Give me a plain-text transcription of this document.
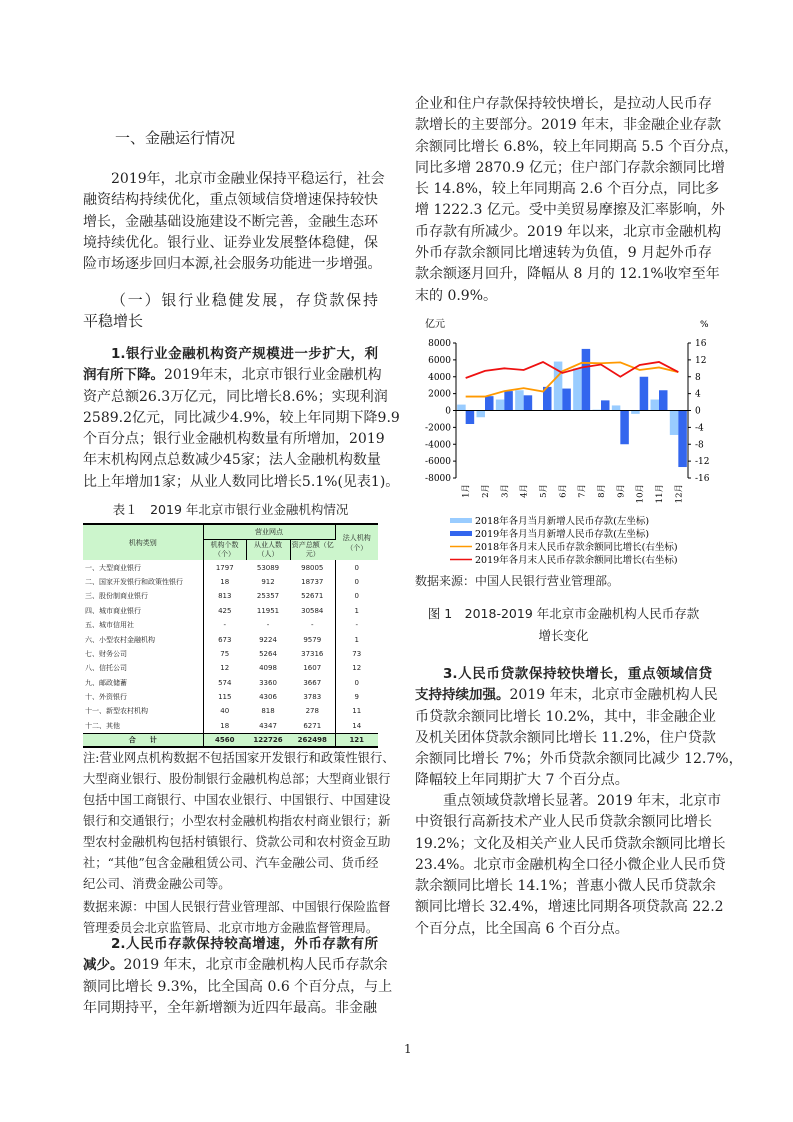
一、金融运行情况
2019年，北京市金融业保持平稳运行，社会
融资结构持续优化，重点领域信贷增速保持较快
增长，金融基础设施建设不断完善，金融生态环
境持续优化。银行业、证券业发展整体稳健，保
险市场逐步回归本源,社会服务功能进一步增强。
（一）银行业稳健发展，存贷款保持
平稳增长
1.银行业金融机构资产规模进一步扩大，利
润有所下降。2019年末，北京市银行业金融机构
资产总额26.3万亿元，同比增长8.6%；实现利润
2589.2亿元，同比减少4.9%，较上年同期下降9.9
个百分点；银行业金融机构数量有所增加，2019
年末机构网点总数减少45家；法人金融机构数量
比上年增加1家；从业人数同比增长5.1%(见表1)。
表１　2019 年北京市银行业金融机构情况
机构类别	营业网点			法人机构（个）
	机构个数（个）	从业人数（人）	资产总额（亿元）	
一、大型商业银行	1797	53089	98005	0
二、国家开发银行和政策性银行	18	912	18737	0
三、股份制商业银行	813	25357	52671	0
四、城市商业银行	425	11951	30584	1
五、城市信用社	-	-	-	-
六、小型农村金融机构	673	9224	9579	1
七、财务公司	75	5264	37316	73
八、信托公司	12	4098	1607	12
九、邮政储蓄	574	3360	3667	0
十、外资银行	115	4306	3783	9
十一、新型农村机构	40	818	278	11
十二、其他	18	4347	6271	14
合　　计	4560	122726	262498	121
注:营业网点机构数据不包括国家开发银行和政策性银行、
大型商业银行、股份制银行金融机构总部；大型商业银行
包括中国工商银行、中国农业银行、中国银行、中国建设
银行和交通银行；小型农村金融机构指农村商业银行；新
型农村金融机构包括村镇银行、贷款公司和农村资金互助
社；“其他”包含金融租赁公司、汽车金融公司、货币经
纪公司、消费金融公司等。
数据来源：中国人民银行营业管理部、中国银行保险监督
管理委员会北京监管局、北京市地方金融监督管理局。
2.人民币存款保持较高增速，外币存款有所
减少。2019 年末，北京市金融机构人民币存款余
额同比增长 9.3%，比全国高 0.6 个百分点，与上
年同期持平，全年新增额为近四年最高。非金融
企业和住户存款保持较快增长，是拉动人民币存
款增长的主要部分。2019 年末，非金融企业存款
余额同比增长 6.8%，较上年同期高 5.5 个百分点，
同比多增 2870.9 亿元；住户部门存款余额同比增
长 14.8%，较上年同期高 2.6 个百分点，同比多
增 1222.3 亿元。受中美贸易摩擦及汇率影响，外
币存款有所减少。2019 年以来，北京市金融机构
外币存款余额同比增速转为负值，9 月起外币存
款余额逐月回升，降幅从 8 月的 12.1%收窄至年
末的 0.9%。
亿元	%
8000
6000
4000
2000
0
-2000
-4000
-6000
-8000
16
12
8
4
0
-4
-8
-12
-16
1月 2月 3月 4月 5月 6月 7月 8月 9月 10月 11月 12月
2018年各月当月新增人民币存款(左坐标)
2019年各月当月新增人民币存款(左坐标)
2018年各月末人民币存款余额同比增长(右坐标)
2019年各月末人民币存款余额同比增长(右坐标)
数据来源：中国人民银行营业管理部。
图 1　2018-2019 年北京市金融机构人民币存款
增长变化
3.人民币贷款保持较快增长，重点领域信贷
支持持续加强。2019 年末，北京市金融机构人民
币贷款余额同比增长 10.2%，其中，非金融企业
及机关团体贷款余额同比增长 11.2%，住户贷款
余额同比增长 7%；外币贷款余额同比减少 12.7%，
降幅较上年同期扩大 7 个百分点。
重点领域贷款增长显著。2019 年末，北京市
中资银行高新技术产业人民币贷款余额同比增长
19.2%；文化及相关产业人民币贷款余额同比增长
23.4%。北京市金融机构全口径小微企业人民币贷
款余额同比增长 14.1%；普惠小微人民币贷款余
额同比增长 32.4%，增速比同期各项贷款高 22.2
个百分点，比全国高 6 个百分点。
1
